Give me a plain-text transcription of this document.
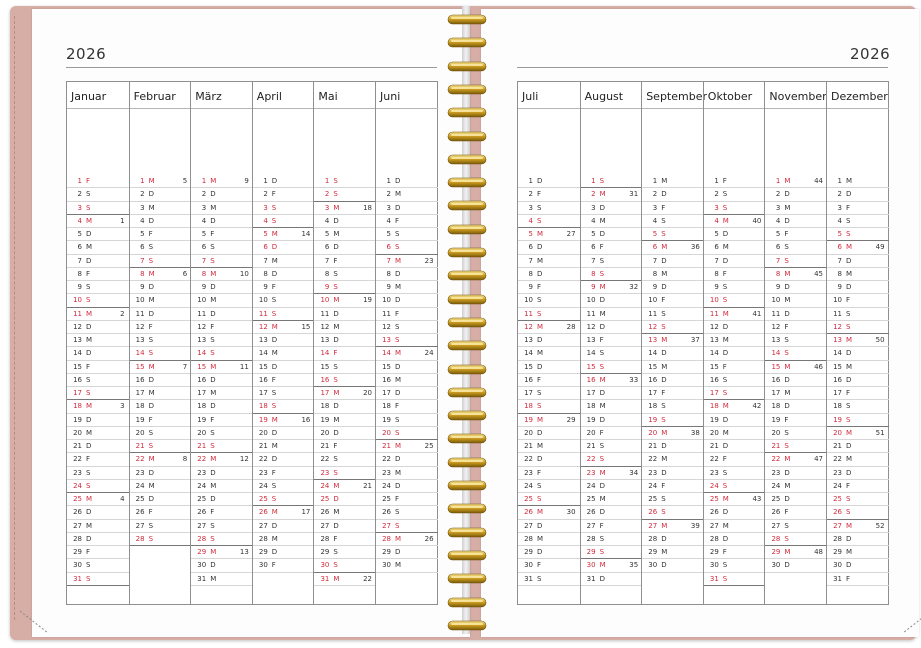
2026
Januar
1 F
2 S
3 S
4 M	1
5 D
6 M
7 D
8 F
9 S
10 S
11 M	2
12 D
13 M
14 D
15 F
16 S
17 S
18 M	3
19 D
20 M
21 D
22 F
23 S
24 S
25 M	4
26 D
27 M
28 D
29 F
30 S
31 S
Februar
1 M	5
2 D
3 M
4 D
5 F
6 S
7 S
8 M	6
9 D
10 M
11 D
12 F
13 S
14 S
15 M	7
16 D
17 M
18 D
19 F
20 S
21 S
22 M	8
23 D
24 M
25 D
26 F
27 S
28 S
März
1 M	9
2 D
3 M
4 D
5 F
6 S
7 S
8 M	10
9 D
10 M
11 D
12 F
13 S
14 S
15 M	11
16 D
17 M
18 D
19 F
20 S
21 S
22 M	12
23 D
24 M
25 D
26 F
27 S
28 S
29 M	13
30 D
31 M
April
1 D
2 F
3 S
4 S
5 M	14
6 D
7 M
8 D
9 F
10 S
11 S
12 M	15
13 D
14 M
15 D
16 F
17 S
18 S
19 M	16
20 D
21 M
22 D
23 F
24 S
25 S
26 M	17
27 D
28 M
29 D
30 F
Mai
1 S
2 S
3 M	18
4 D
5 M
6 D
7 F
8 S
9 S
10 M	19
11 D
12 M
13 D
14 F
15 S
16 S
17 M	20
18 D
19 M
20 D
21 F
22 S
23 S
24 M	21
25 D
26 M
27 D
28 F
29 S
30 S
31 M	22
Juni
1 D
2 M
3 D
4 F
5 S
6 S
7 M	23
8 D
9 M
10 D
11 F
12 S
13 S
14 M	24
15 D
16 M
17 D
18 F
19 S
20 S
21 M	25
22 D
23 M
24 D
25 F
26 S
27 S
28 M	26
29 D
30 M
2026
Juli
1 D
2 F
3 S
4 S
5 M	27
6 D
7 M
8 D
9 F
10 S
11 S
12 M	28
13 D
14 M
15 D
16 F
17 S
18 S
19 M	29
20 D
21 M
22 D
23 F
24 S
25 S
26 M	30
27 D
28 M
29 D
30 F
31 S
August
1 S
2 M	31
3 D
4 M
5 D
6 F
7 S
8 S
9 M	32
10 D
11 M
12 D
13 F
14 S
15 S
16 M	33
17 D
18 M
19 D
20 F
21 S
22 S
23 M	34
24 D
25 M
26 D
27 F
28 S
29 S
30 M	35
31 D
September
1 M
2 D
3 F
4 S
5 S
6 M	36
7 D
8 M
9 D
10 F
11 S
12 S
13 M	37
14 D
15 M
16 D
17 F
18 S
19 S
20 M	38
21 D
22 M
23 D
24 F
25 S
26 S
27 M	39
28 D
29 M
30 D
Oktober
1 F
2 S
3 S
4 M	40
5 D
6 M
7 D
8 F
9 S
10 S
11 M	41
12 D
13 M
14 D
15 F
16 S
17 S
18 M	42
19 D
20 M
21 D
22 F
23 S
24 S
25 M	43
26 D
27 M
28 D
29 F
30 S
31 S
November
1 M	44
2 D
3 M
4 D
5 F
6 S
7 S
8 M	45
9 D
10 M
11 D
12 F
13 S
14 S
15 M	46
16 D
17 M
18 D
19 F
20 S
21 S
22 M	47
23 D
24 M
25 D
26 F
27 S
28 S
29 M	48
30 D
Dezember
1 M
2 D
3 F
4 S
5 S
6 M	49
7 D
8 M
9 D
10 F
11 S
12 S
13 M	50
14 D
15 M
16 D
17 F
18 S
19 S
20 M	51
21 D
22 M
23 D
24 F
25 S
26 S
27 M	52
28 D
29 M
30 D
31 F
